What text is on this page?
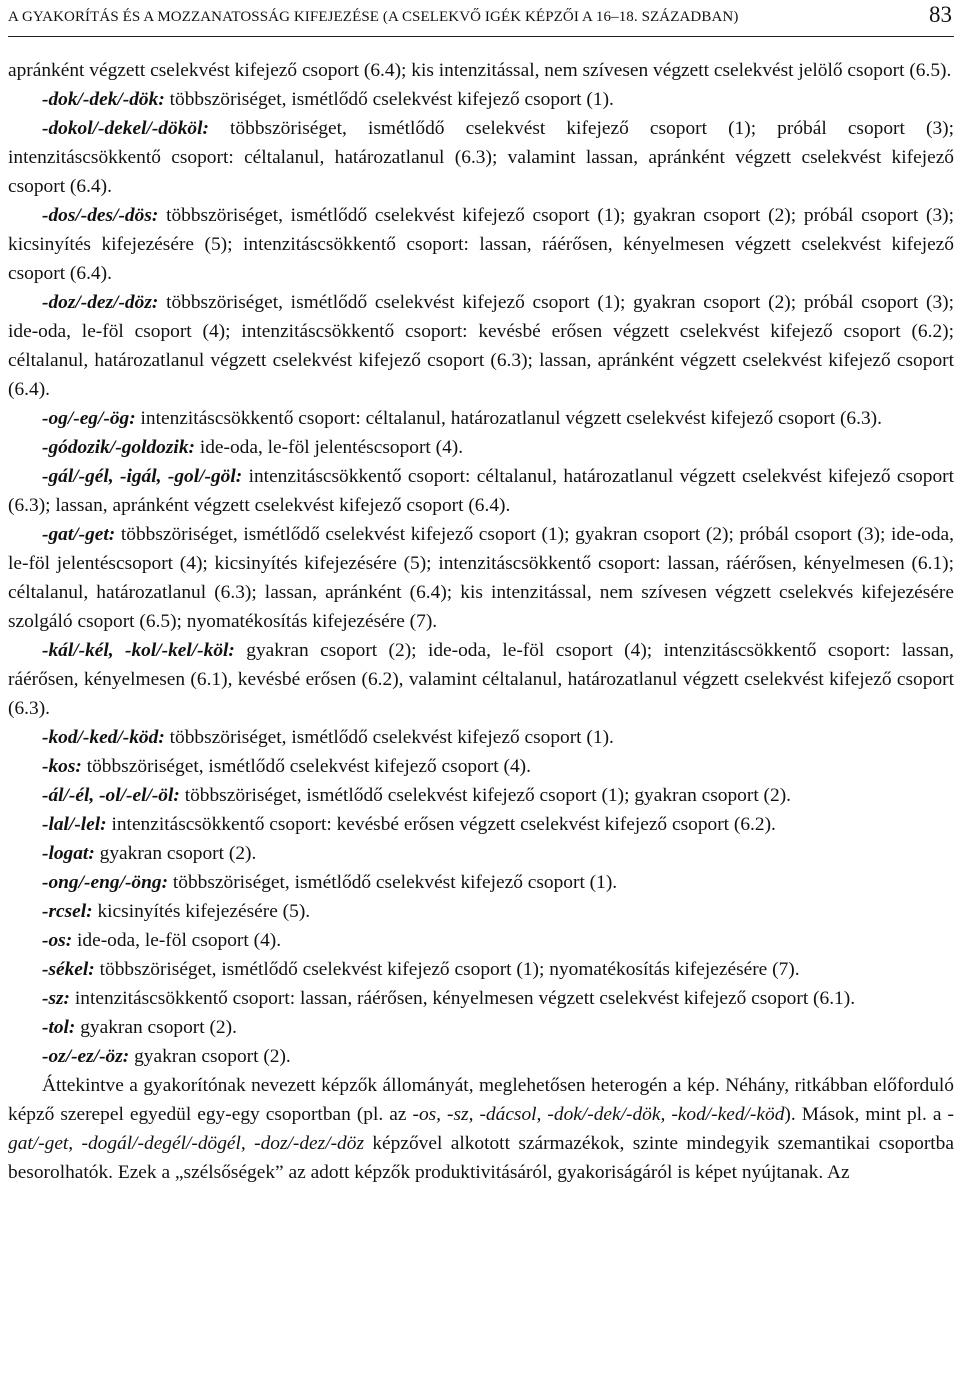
A GYAKORÍTÁS ÉS A MOZZANATOSSÁG KIFEJEZÉSE (A CSELEKVŐ IGÉK KÉPZŐI A 16–18. SZÁZADBAN)	83

apránként végzett cselekvést kifejező csoport (6.4); kis intenzitással, nem szívesen végzett cselekvést jelölő csoport (6.5).

-dok/-dek/-dök: többszöriséget, ismétlődő cselekvést kifejező csoport (1).

-dokol/-dekel/-dököl: többszöriséget, ismétlődő cselekvést kifejező csoport (1); próbál csoport (3); intenzitáscsökkentő csoport: céltalanul, határozatlanul (6.3); valamint lassan, apránként végzett cselekvést kifejező csoport (6.4).

-dos/-des/-dös: többszöriséget, ismétlődő cselekvést kifejező csoport (1); gyakran csoport (2); próbál csoport (3); kicsinyítés kifejezésére (5); intenzitáscsökkentő csoport: lassan, ráérősen, kényelmesen végzett cselekvést kifejező csoport (6.4).

-doz/-dez/-döz: többszöriséget, ismétlődő cselekvést kifejező csoport (1); gyakran csoport (2); próbál csoport (3); ide-oda, le-föl csoport (4); intenzitáscsökkentő csoport: kevésbé erősen végzett cselekvést kifejező csoport (6.2); céltalanul, határozatlanul végzett cselekvést kifejező csoport (6.3); lassan, apránként végzett cselekvést kifejező csoport (6.4).

-og/-eg/-ög: intenzitáscsökkentő csoport: céltalanul, határozatlanul végzett cselekvést kifejező csoport (6.3).

-gódozik/-goldozik: ide-oda, le-föl jelentéscsoport (4).

-gál/-gél, -igál, -gol/-göl: intenzitáscsökkentő csoport: céltalanul, határozatlanul végzett cselekvést kifejező csoport (6.3); lassan, apránként végzett cselekvést kifejező csoport (6.4).

-gat/-get: többszöriséget, ismétlődő cselekvést kifejező csoport (1); gyakran csoport (2); próbál csoport (3); ide-oda, le-föl jelentéscsoport (4); kicsinyítés kifejezésére (5); intenzitáscsökkentő csoport: lassan, ráérősen, kényelmesen (6.1); céltalanul, határozatlanul (6.3); lassan, apránként (6.4); kis intenzitással, nem szívesen végzett cselekvés kifejezésére szolgáló csoport (6.5); nyomatékosítás kifejezésére (7).

-kál/-kél, -kol/-kel/-köl: gyakran csoport (2); ide-oda, le-föl csoport (4); intenzitáscsökkentő csoport: lassan, ráérősen, kényelmesen (6.1), kevésbé erősen (6.2), valamint céltalanul, határozatlanul végzett cselekvést kifejező csoport (6.3).

-kod/-ked/-köd: többszöriséget, ismétlődő cselekvést kifejező csoport (1).

-kos: többszöriséget, ismétlődő cselekvést kifejező csoport (4).

-ál/-él, -ol/-el/-öl: többszöriséget, ismétlődő cselekvést kifejező csoport (1); gyakran csoport (2).

-lal/-lel: intenzitáscsökkentő csoport: kevésbé erősen végzett cselekvést kifejező csoport (6.2).

-logat: gyakran csoport (2).

-ong/-eng/-öng: többszöriséget, ismétlődő cselekvést kifejező csoport (1).

-rcsel: kicsinyítés kifejezésére (5).

-os: ide-oda, le-föl csoport (4).

-sékel: többszöriséget, ismétlődő cselekvést kifejező csoport (1); nyomatékosítás kifejezésére (7).

-sz: intenzitáscsökkentő csoport: lassan, ráérősen, kényelmesen végzett cselekvést kifejező csoport (6.1).

-tol: gyakran csoport (2).

-oz/-ez/-öz: gyakran csoport (2).

Áttekintve a gyakorítónak nevezett képzők állományát, meglehetősen heterogén a kép. Néhány, ritkábban előforduló képző szerepel egyedül egy-egy csoportban (pl. az -os, -sz, -dácsol, -dok/-dek/-dök, -kod/-ked/-köd). Mások, mint pl. a -gat/-get, -dogál/-degél/-dögél, -doz/-dez/-döz képzővel alkotott származékok, szinte mindegyik szemantikai csoportba besorolhatók. Ezek a „szélsőségek” az adott képzők produktivitásáról, gyakoriságáról is képet nyújtanak. Az
